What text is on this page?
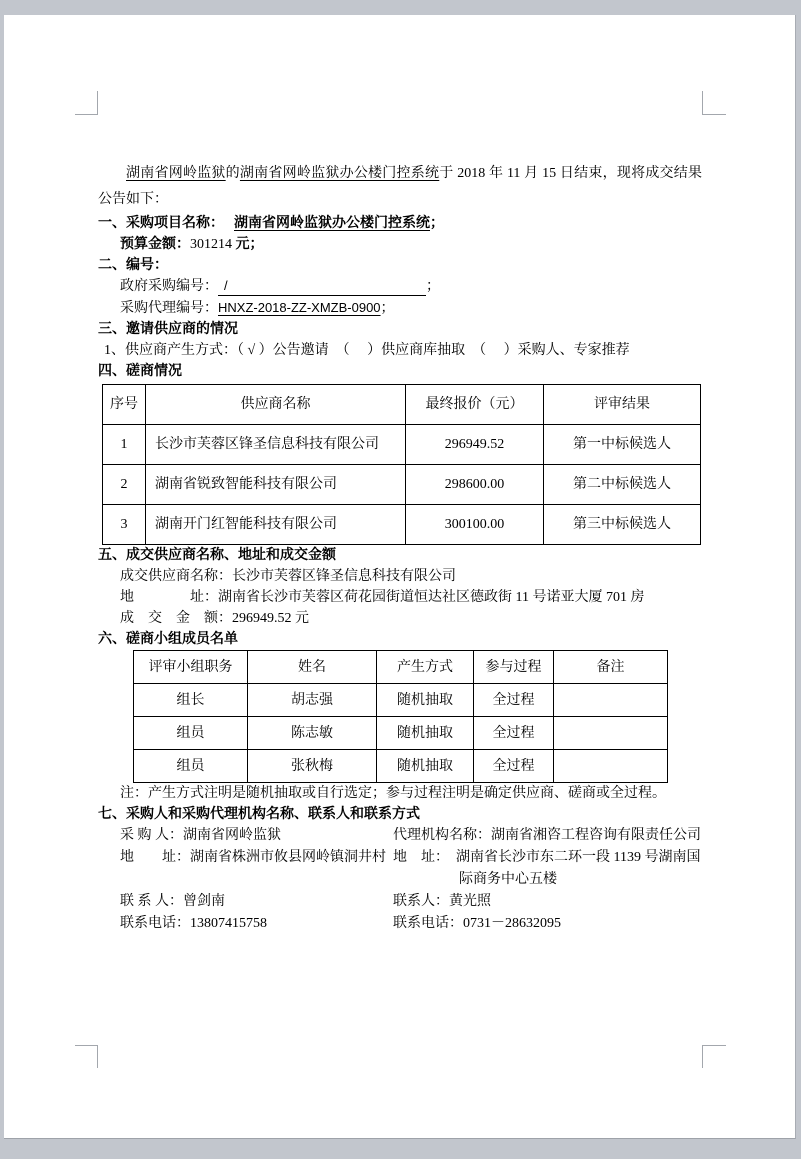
湖南省网岭监狱的湖南省网岭监狱办公楼门控系统于 2018 年 11 月 15 日结束，现将成交结果公告如下：

一、采购项目名称： 湖南省网岭监狱办公楼门控系统；
预算金额：301214 元；
二、编号：
政府采购编号： /	；
采购代理编号：HNXZ-2018-ZZ-XMZB-0900；
三、邀请供应商的情况
1、供应商产生方式：（ √ ）公告邀请　（　 ）供应商库抽取　（　 ）采购人、专家推荐
四、磋商情况
序号	供应商名称	最终报价（元）	评审结果
1	长沙市芙蓉区锋圣信息科技有限公司	296949.52	第一中标候选人
2	湖南省锐致智能科技有限公司	298600.00	第二中标候选人
3	湖南开门红智能科技有限公司	300100.00	第三中标候选人
五、成交供应商名称、地址和成交金额
成交供应商名称：长沙市芙蓉区锋圣信息科技有限公司
地　　　　址：湖南省长沙市芙蓉区荷花园街道恒达社区德政街 11 号诺亚大厦 701 房
成　交　金　额：296949.52 元
六、磋商小组成员名单
评审小组职务	姓名	产生方式	参与过程	备注
组长	胡志强	随机抽取	全过程	
组员	陈志敏	随机抽取	全过程	
组员	张秋梅	随机抽取	全过程	
注：产生方式注明是随机抽取或自行选定；参与过程注明是确定供应商、磋商或全过程。
七、采购人和采购代理机构名称、联系人和联系方式
采 购 人：湖南省网岭监狱	代理机构名称：湖南省湘咨工程咨询有限责任公司
地　　址：湖南省株洲市攸县网岭镇洞井村 地　址：　湖南省长沙市东二环一段 1139 号湖南国际商务中心五楼
联 系 人：曾剑南	联系人：黄光照
联系电话：13807415758	联系电话：0731－28632095
